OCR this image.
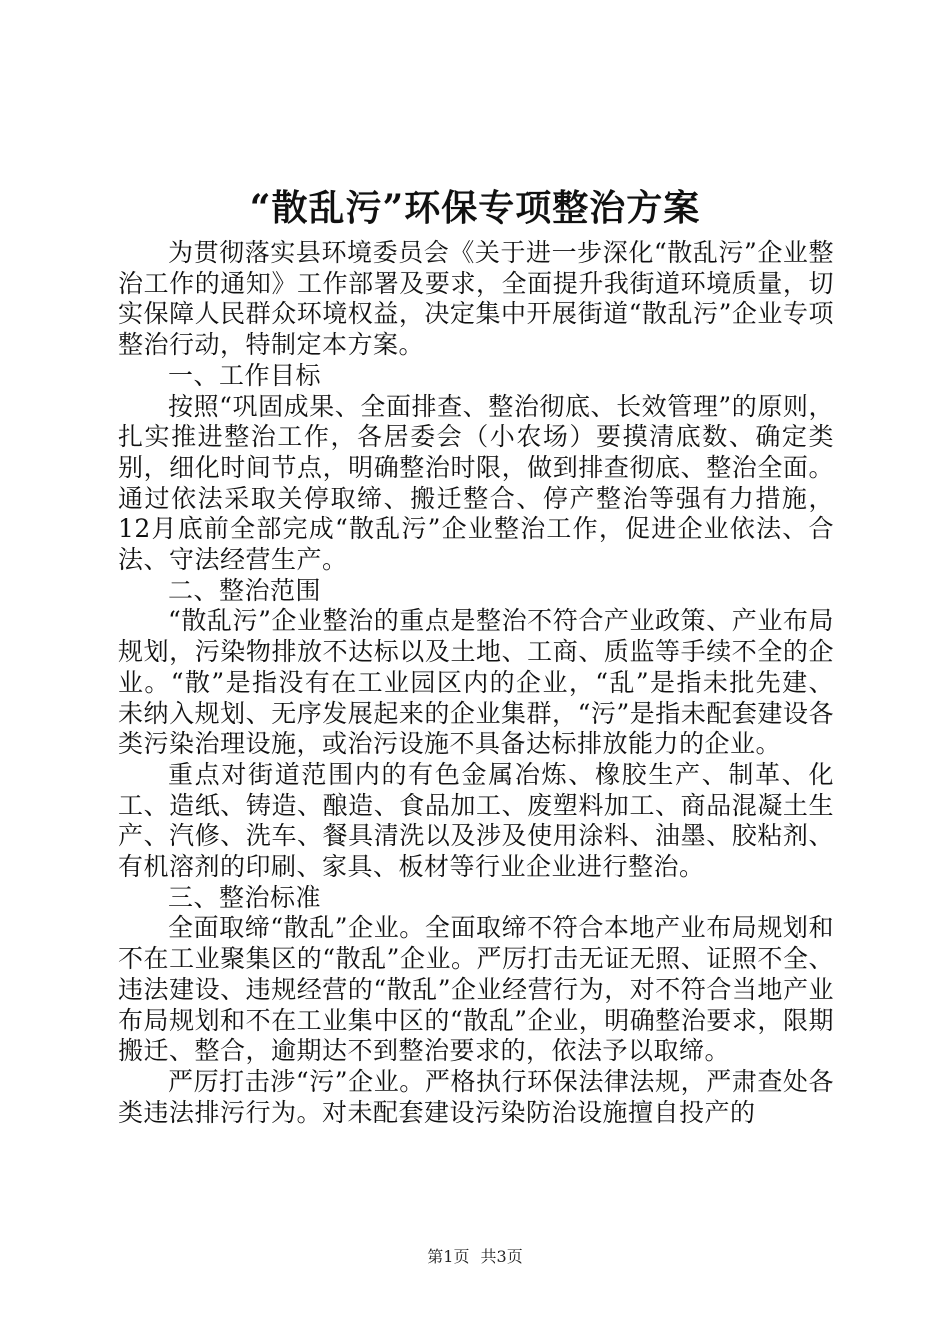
“散乱污”环保专项整治方案

为贯彻落实县环境委员会《关于进一步深化“散乱污”企业整治工作的通知》工作部署及要求，全面提升我街道环境质量，切实保障人民群众环境权益，决定集中开展街道“散乱污”企业专项整治行动，特制定本方案。

一、工作目标

按照“巩固成果、全面排查、整治彻底、长效管理”的原则，扎实推进整治工作，各居委会（小农场）要摸清底数、确定类别，细化时间节点，明确整治时限，做到排查彻底、整治全面。通过依法采取关停取缔、搬迁整合、停产整治等强有力措施，12月底前全部完成“散乱污”企业整治工作，促进企业依法、合法、守法经营生产。

二、整治范围

“散乱污”企业整治的重点是整治不符合产业政策、产业布局规划，污染物排放不达标以及土地、工商、质监等手续不全的企业。“散”是指没有在工业园区内的企业，“乱”是指未批先建、未纳入规划、无序发展起来的企业集群，“污”是指未配套建设各类污染治理设施，或治污设施不具备达标排放能力的企业。

重点对街道范围内的有色金属冶炼、橡胶生产、制革、化工、造纸、铸造、酿造、食品加工、废塑料加工、商品混凝土生产、汽修、洗车、餐具清洗以及涉及使用涂料、油墨、胶粘剂、有机溶剂的印刷、家具、板材等行业企业进行整治。

三、整治标准

全面取缔“散乱”企业。全面取缔不符合本地产业布局规划和不在工业聚集区的“散乱”企业。严厉打击无证无照、证照不全、违法建设、违规经营的“散乱”企业经营行为，对不符合当地产业布局规划和不在工业集中区的“散乱”企业，明确整治要求，限期搬迁、整合，逾期达不到整治要求的，依法予以取缔。

严厉打击涉“污”企业。严格执行环保法律法规，严肃查处各类违法排污行为。对未配套建设污染防治设施擅自投产的

第1页 共3页
